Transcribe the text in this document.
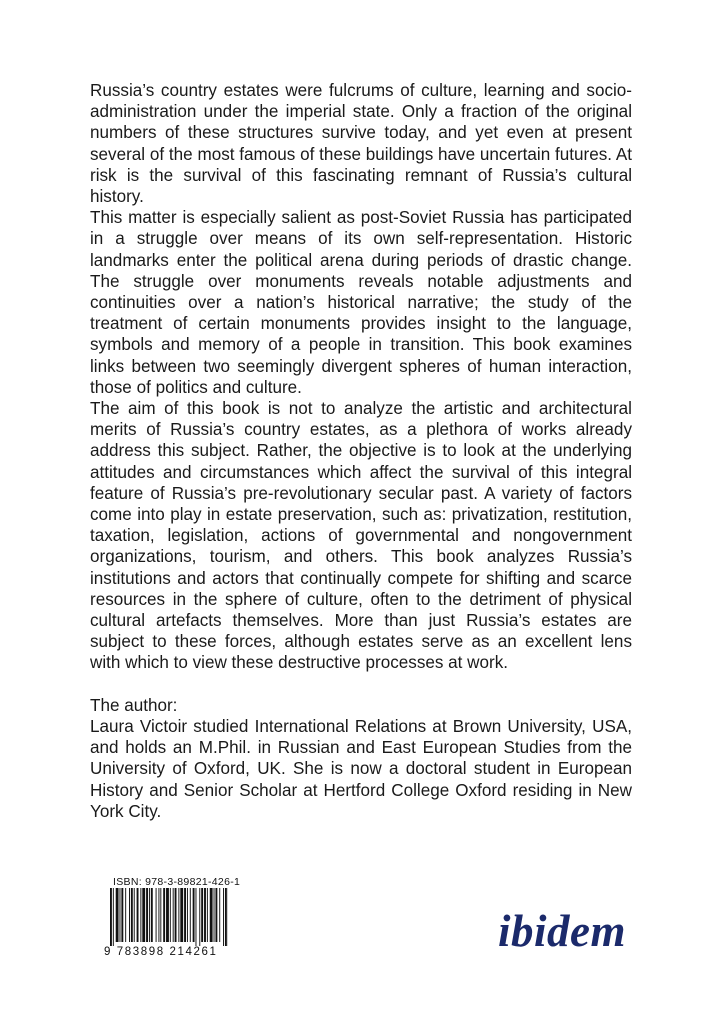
Russia’s country estates were fulcrums of culture, learning and socio-administration under the imperial state. Only a fraction of the original numbers of these structures survive today, and yet even at present several of the most famous of these buildings have uncertain futures. At risk is the survival of this fascinating remnant of Russia’s cultural history.

This matter is especially salient as post-Soviet Russia has participated in a struggle over means of its own self-representation. Historic landmarks enter the political arena during periods of drastic change. The struggle over monuments reveals notable adjustments and continuities over a nation’s historical narrative; the study of the treatment of certain monuments provides insight to the language, symbols and memory of a people in transition. This book examines links between two seemingly divergent spheres of human interaction, those of politics and culture.

The aim of this book is not to analyze the artistic and architectural merits of Russia’s country estates, as a plethora of works already address this subject. Rather, the objective is to look at the underlying attitudes and circumstances which affect the survival of this integral feature of Russia’s pre-revolutionary secular past. A variety of factors come into play in estate preservation, such as: privatization, restitution, taxation, legislation, actions of governmental and nongovernment organizations, tourism, and others. This book analyzes Russia’s institutions and actors that continually compete for shifting and scarce resources in the sphere of culture, often to the detriment of physical cultural artefacts themselves. More than just Russia’s estates are subject to these forces, although estates serve as an excellent lens with which to view these destructive processes at work.

The author:

Laura Victoir studied International Relations at Brown University, USA, and holds an M.Phil. in Russian and East European Studies from the University of Oxford, UK. She is now a doctoral student in European History and Senior Scholar at Hertford College Oxford residing in New York City.

ISBN: 978-3-89821-426-1
9 783898 214261	ibidem
